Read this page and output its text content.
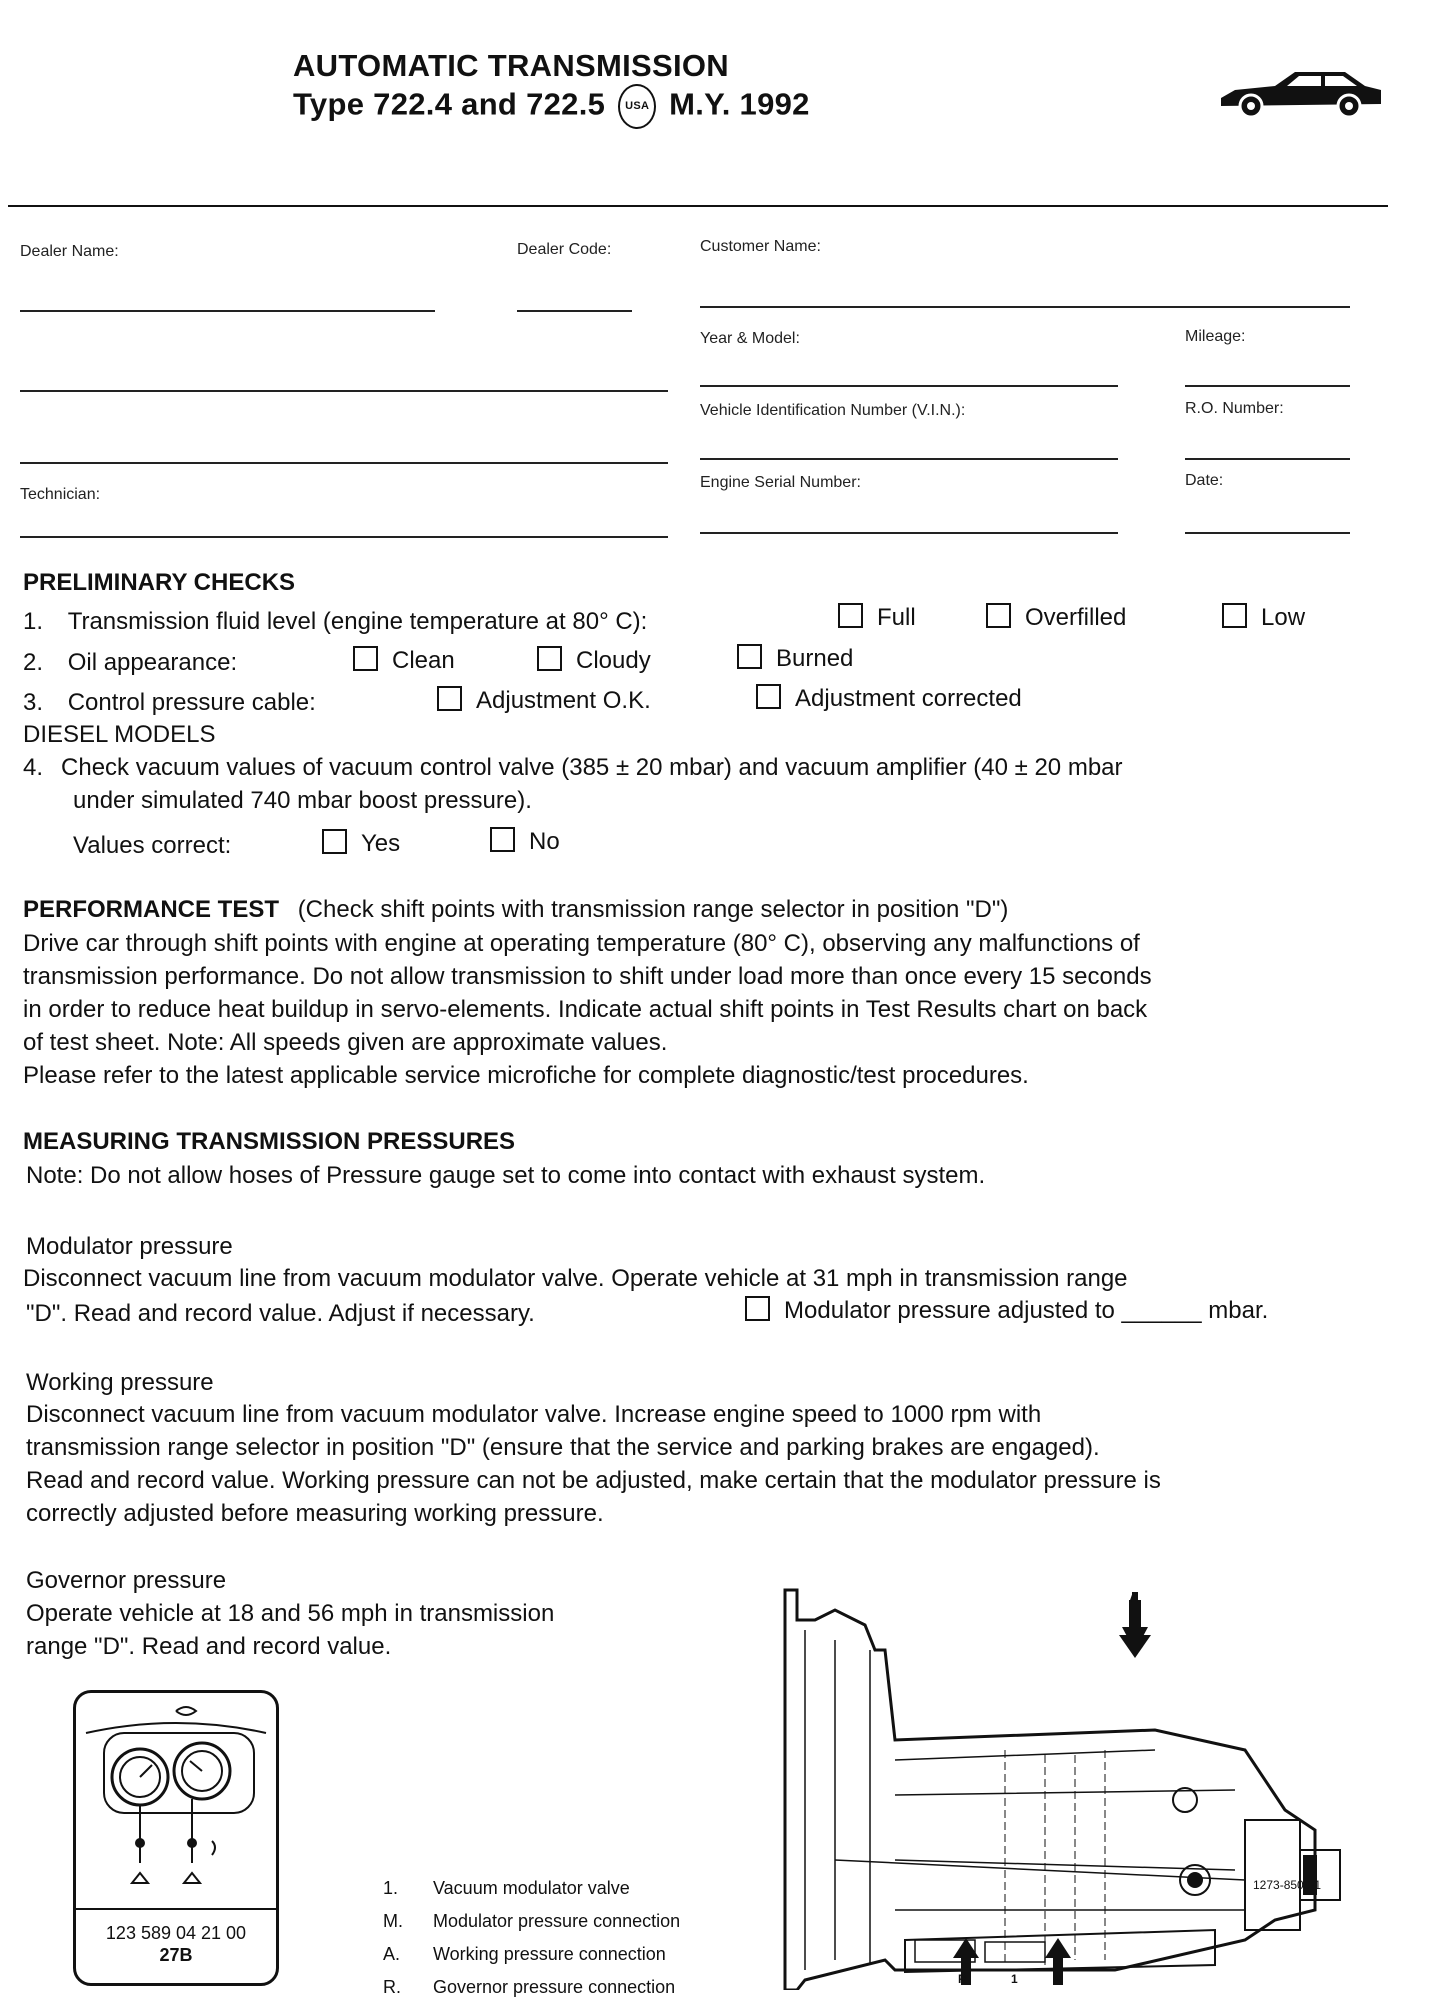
AUTOMATIC TRANSMISSION
Type 722.4 and 722.5 USA M.Y. 1992
Dealer Name:	Dealer Code:	Customer Name:
Year & Model:	Mileage:
Vehicle Identification Number (V.I.N.):	R.O. Number:
Technician:
Engine Serial Number:	Date:
PRELIMINARY CHECKS
1. Transmission fluid level (engine temperature at 80° C):	Full	Overfilled	Low
2. Oil appearance:	Clean	Cloudy	Burned
3. Control pressure cable:	Adjustment O.K.	Adjustment corrected
DIESEL MODELS
4. Check vacuum values of vacuum control valve (385 ± 20 mbar) and vacuum amplifier (40 ± 20 mbar
under simulated 740 mbar boost pressure).
Values correct:	Yes	No
PERFORMANCE TEST (Check shift points with transmission range selector in position "D")
Drive car through shift points with engine at operating temperature (80° C), observing any malfunctions of
transmission performance. Do not allow transmission to shift under load more than once every 15 seconds
in order to reduce heat buildup in servo-elements. Indicate actual shift points in Test Results chart on back
of test sheet. Note: All speeds given are approximate values.
Please refer to the latest applicable service microfiche for complete diagnostic/test procedures.
MEASURING TRANSMISSION PRESSURES
Note: Do not allow hoses of Pressure gauge set to come into contact with exhaust system.
Modulator pressure
Disconnect vacuum line from vacuum modulator valve. Operate vehicle at 31 mph in transmission range
"D". Read and record value. Adjust if necessary.	Modulator pressure adjusted to ______ mbar.
Working pressure
Disconnect vacuum line from vacuum modulator valve. Increase engine speed to 1000 rpm with
transmission range selector in position "D" (ensure that the service and parking brakes are engaged).
Read and record value. Working pressure can not be adjusted, make certain that the modulator pressure is
correctly adjusted before measuring working pressure.
Governor pressure
Operate vehicle at 18 and 56 mph in transmission
range "D". Read and record value.
123 589 04 21 00
27B
1. Vacuum modulator valve
M. Modulator pressure connection
A. Working pressure connection
R. Governor pressure connection
A
1273-8503-1
R	1	M
